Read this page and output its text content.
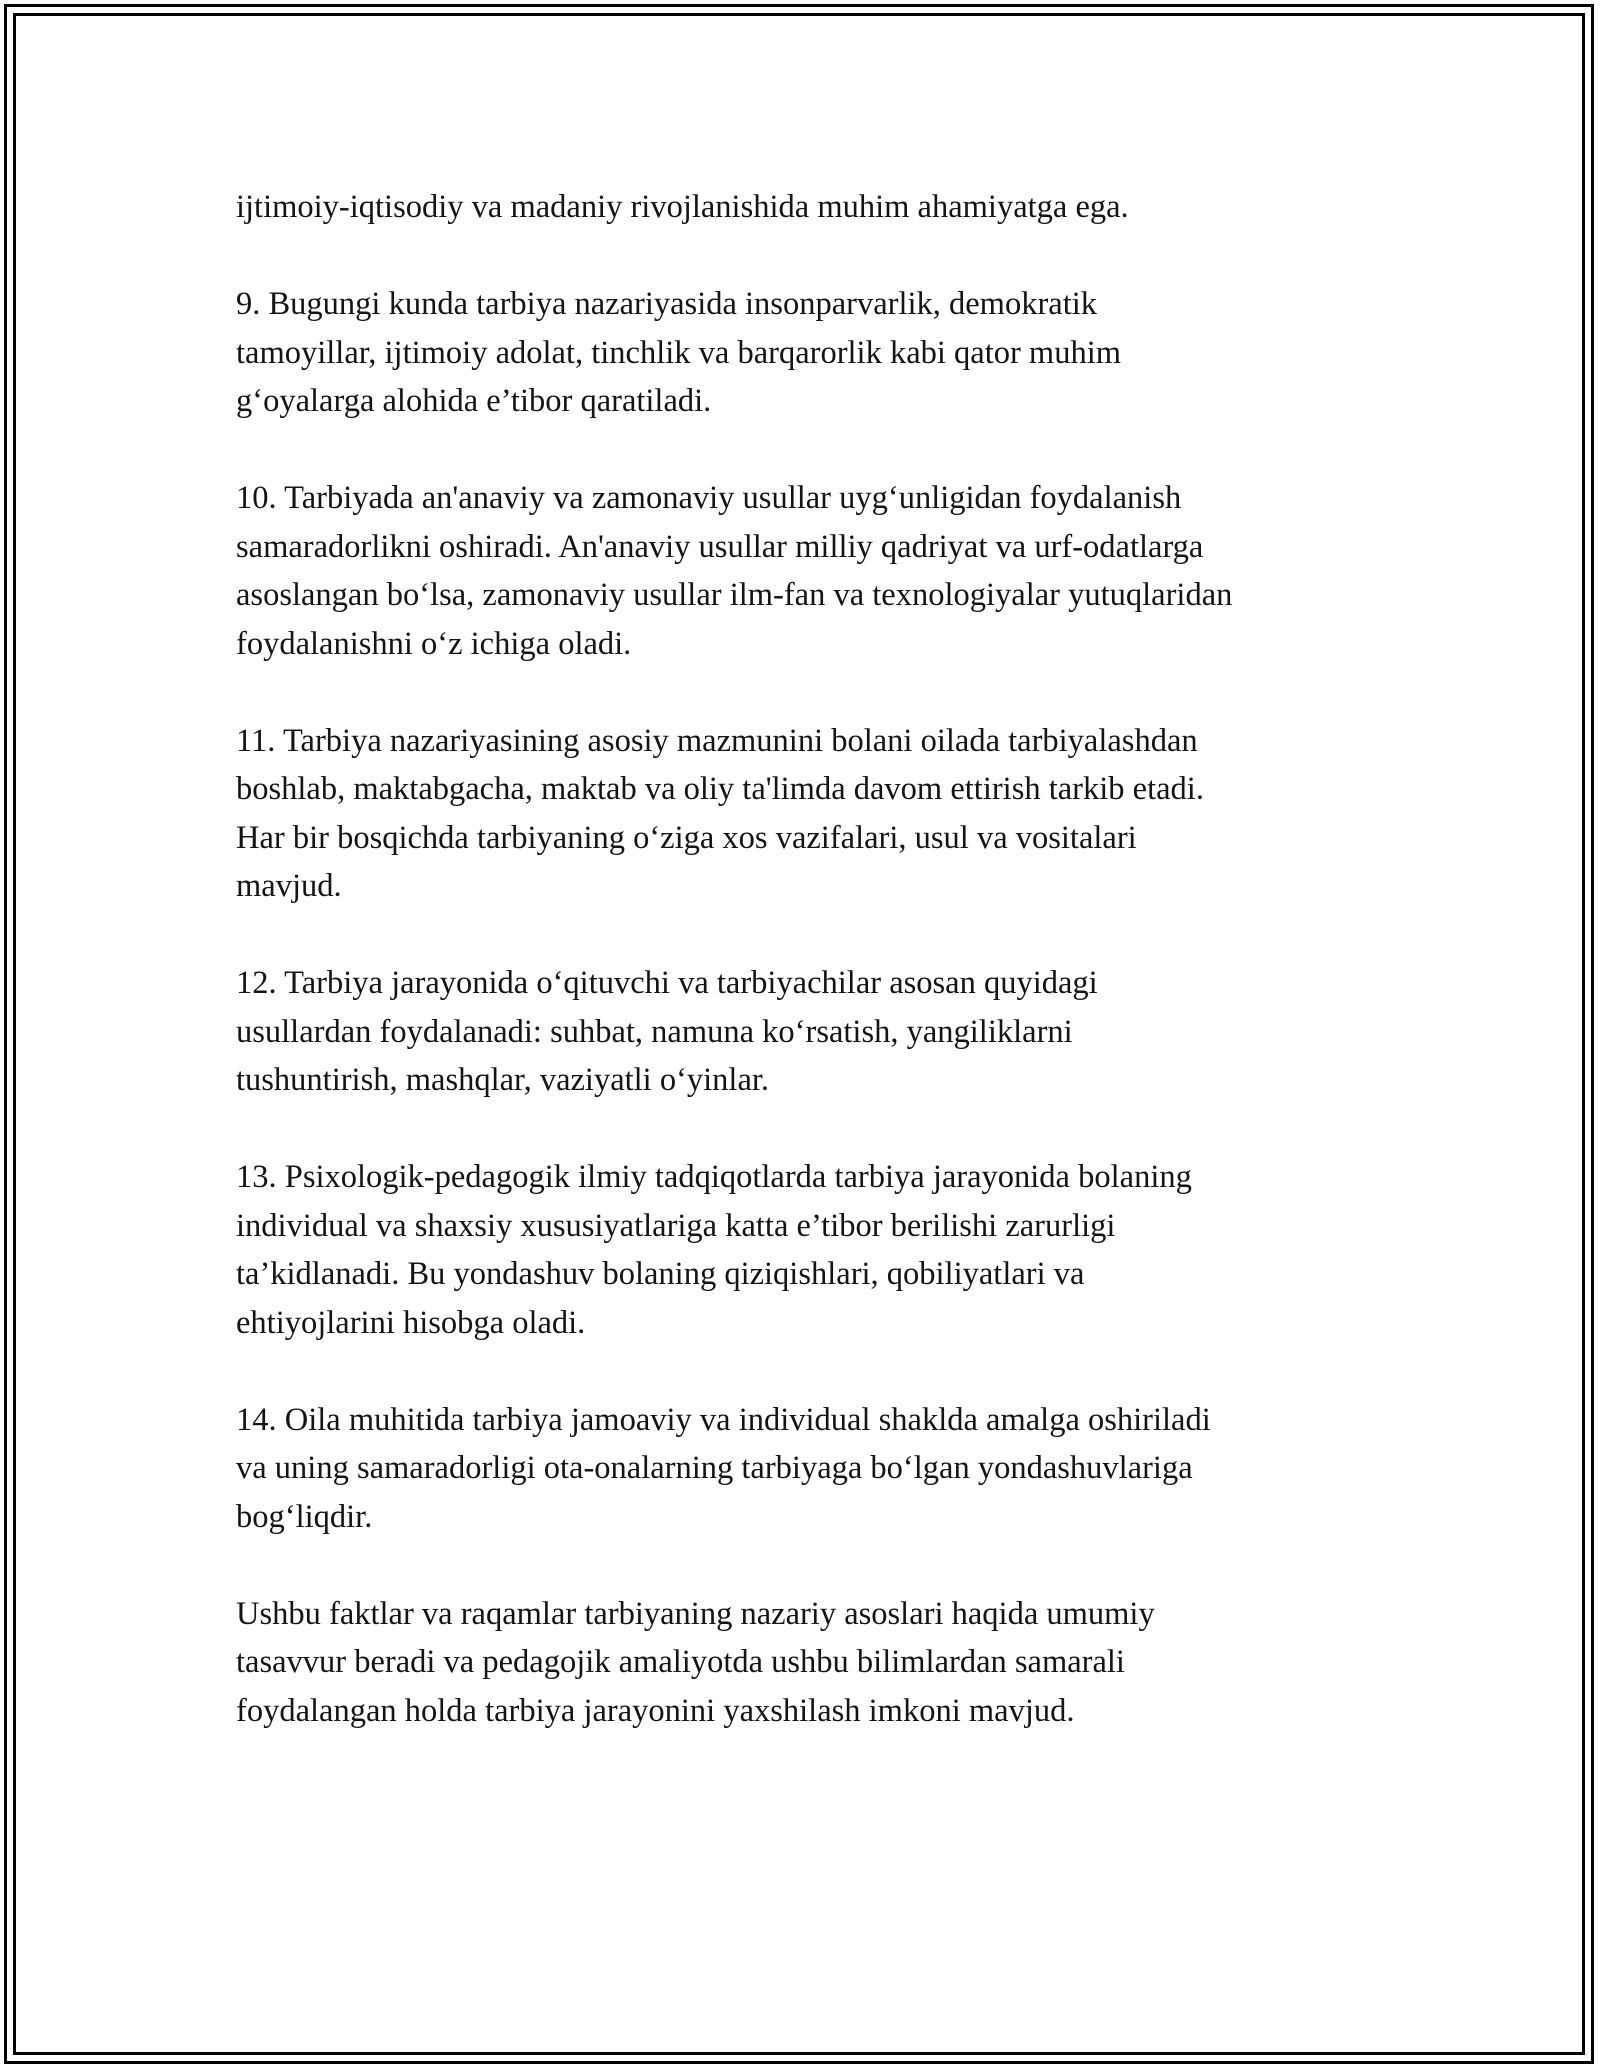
ijtimoiy-iqtisodiy va madaniy rivojlanishida muhim ahamiyatga ega.

9. Bugungi kunda tarbiya nazariyasida insonparvarlik, demokratik
tamoyillar, ijtimoiy adolat, tinchlik va barqarorlik kabi qator muhim
g‘oyalarga alohida e’tibor qaratiladi.

10. Tarbiyada an'anaviy va zamonaviy usullar uyg‘unligidan foydalanish
samaradorlikni oshiradi. An'anaviy usullar milliy qadriyat va urf-odatlarga
asoslangan bo‘lsa, zamonaviy usullar ilm-fan va texnologiyalar yutuqlaridan
foydalanishni o‘z ichiga oladi.

11. Tarbiya nazariyasining asosiy mazmunini bolani oilada tarbiyalashdan
boshlab, maktabgacha, maktab va oliy ta'limda davom ettirish tarkib etadi.
Har bir bosqichda tarbiyaning o‘ziga xos vazifalari, usul va vositalari
mavjud.

12. Tarbiya jarayonida o‘qituvchi va tarbiyachilar asosan quyidagi
usullardan foydalanadi: suhbat, namuna ko‘rsatish, yangiliklarni
tushuntirish, mashqlar, vaziyatli o‘yinlar.

13. Psixologik-pedagogik ilmiy tadqiqotlarda tarbiya jarayonida bolaning
individual va shaxsiy xususiyatlariga katta e’tibor berilishi zarurligi
ta’kidlanadi. Bu yondashuv bolaning qiziqishlari, qobiliyatlari va
ehtiyojlarini hisobga oladi.

14. Oila muhitida tarbiya jamoaviy va individual shakldа amalga oshiriladi
va uning samaradorligi ota-onalarning tarbiyaga bo‘lgan yondashuvlariga
bog‘liqdir.

Ushbu faktlar va raqamlar tarbiyaning nazariy asoslari haqida umumiy
tasavvur beradi va pedagojik amaliyotda ushbu bilimlardan samarali
foydalangan holda tarbiya jarayonini yaxshilash imkoni mavjud.
